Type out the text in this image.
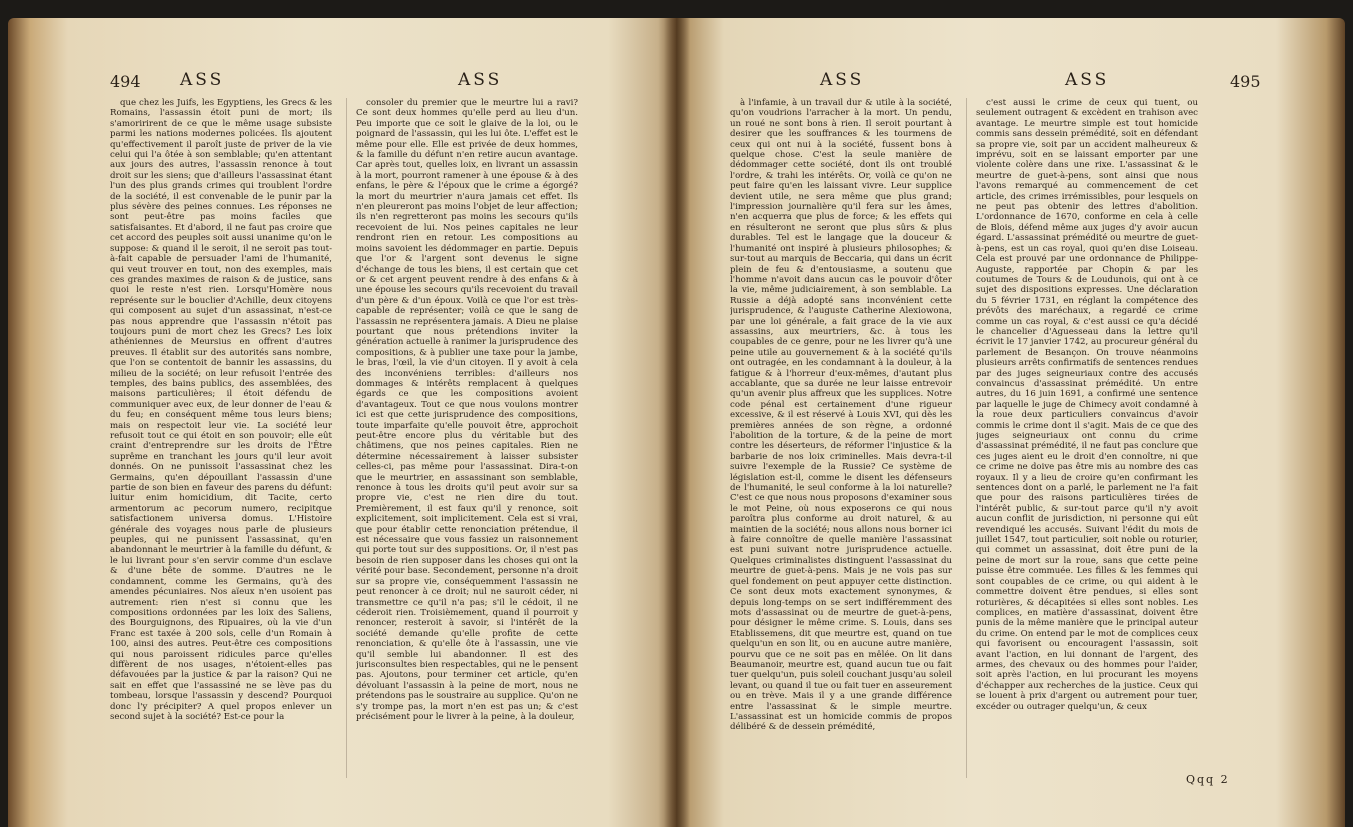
494 ASS	ASS

que chez les Juifs, les Egyptiens, les Grecs & les Romains, l'assassin étoit puni de mort; ils s'amoririrent de ce que le même usage subsiste parmi les nations modernes policées. Ils ajoutent qu'effectivement il paroît juste de priver de la vie celui qui l'a ôtée à son semblable; qu'en attentant aux jours des autres, l'assassin renonce à tout droit sur les siens; que d'ailleurs l'assassinat étant l'un des plus grands crimes qui troublent l'ordre de la société, il est convenable de le punir par la plus sévère des peines connues. Les réponses ne sont peut-être pas moins faciles que satisfaisantes. Et d'abord, il ne faut pas croire que cet accord des peuples soit aussi unanime qu'on le suppose: & quand il le seroit, il ne seroit pas tout-à-fait capable de persuader l'ami de l'humanité, qui veut trouver en tout, non des exemples, mais ces grandes maximes de raison & de justice, sans quoi le reste n'est rien. Lorsqu'Homère nous représente sur le bouclier d'Achille, deux citoyens qui composent au sujet d'un assassinat, n'est-ce pas nous apprendre que l'assassin n'étoit pas toujours puni de mort chez les Grecs? Les loix athéniennes de Meursius en offrent d'autres preuves. Il établit sur des autorités sans nombre, que l'on se contentoit de bannir les assassins, du milieu de la société; on leur refusoit l'entrée des temples, des bains publics, des assemblées, des maisons particulières; il étoit défendu de communiquer avec eux, de leur donner de l'eau & du feu; en conséquent même tous leurs biens; mais on respectoit leur vie. La société leur refusoit tout ce qui étoit en son pouvoir; elle eût craint d'entreprendre sur les droits de l'Être suprême en tranchant les jours qu'il leur avoit donnés. On ne punissoit l'assassinat chez les Germains, qu'en dépouillant l'assassin d'une partie de son bien en faveur des parens du défunt: luitur enim homicidium, dit Tacite, certo armentorum ac pecorum numero, recipitque satisfactionem universa domus. L'Histoire générale des voyages nous parle de plusieurs peuples, qui ne punissent l'assassinat, qu'en abandonnant le meurtrier à la famille du défunt, & le lui livrant pour s'en servir comme d'un esclave & d'une bête de somme. D'autres ne le condamnent, comme les Germains, qu'à des amendes pécuniaires. Nos aïeux n'en usoient pas autrement: rien n'est si connu que les compositions ordonnées par les loix des Saliens, des Bourguignons, des Ripuaires, où la vie d'un Franc est taxée à 200 sols, celle d'un Romain à 100, ainsi des autres. Peut-être ces compositions qui nous paroissent ridicules parce qu'elles diffèrent de nos usages, n'étoient-elles pas défavouées par la justice & par la raison? Qui ne sait en effet que l'assassiné ne se lève pas du tombeau, lorsque l'assassin y descend? Pourquoi donc l'y précipiter? A quel propos enlever un second sujet à la société? Est-ce pour la

consoler du premier que le meurtre lui a ravi? Ce sont deux hommes qu'elle perd au lieu d'un. Peu importe que ce soit le glaive de la loi, ou le poignard de l'assassin, qui les lui ôte. L'effet est le même pour elle. Elle est privée de deux hommes, & la famille du défunt n'en retire aucun avantage. Car après tout, quelles loix, en livrant un assassin à la mort, pourront ramener à une épouse & à des enfans, le père & l'époux que le crime a égorgé? la mort du meurtrier n'aura jamais cet effet. Ils n'en pleureront pas moins l'objet de leur affection; ils n'en regretteront pas moins les secours qu'ils recevoient de lui. Nos peines capitales ne leur rendront rien en retour. Les compositions au moins savoient les dédommager en partie. Depuis que l'or & l'argent sont devenus le signe d'échange de tous les biens, il est certain que cet or & cet argent peuvent rendre à des enfans & à une épouse les secours qu'ils recevoient du travail d'un père & d'un époux. Voilà ce que l'or est très-capable de représenter; voilà ce que le sang de l'assassin ne représentera jamais. A Dieu ne plaise pourtant que nous prétendions inviter la génération actuelle à ranimer la jurisprudence des compositions, & à publier une taxe pour la jambe, le bras, l'œil, la vie d'un citoyen. Il y avoit à cela des inconvéniens terribles: d'ailleurs nos dommages & intérêts remplacent à quelques égards ce que les compositions avoient d'avantageux. Tout ce que nous voulons montrer ici est que cette jurisprudence des compositions, toute imparfaite qu'elle pouvoit être, approchoit peut-être encore plus du véritable but des châtimens, que nos peines capitales. Rien ne détermine nécessairement à laisser subsister celles-ci, pas même pour l'assassinat. Dira-t-on que le meurtrier, en assassinant son semblable, renonce à tous les droits qu'il peut avoir sur sa propre vie, c'est ne rien dire du tout. Premièrement, il est faux qu'il y renonce, soit explicitement, soit implicitement. Cela est si vrai, que pour établir cette renonciation prétendue, il est nécessaire que vous fassiez un raisonnement qui porte tout sur des suppositions. Or, il n'est pas besoin de rien supposer dans les choses qui ont la vérité pour base. Secondement, personne n'a droit sur sa propre vie, conséquemment l'assassin ne peut renoncer à ce droit; nul ne sauroit céder, ni transmettre ce qu'il n'a pas; s'il le cédoit, il ne céderoit rien. Troisièmement, quand il pourroit y renoncer, resteroit à savoir, si l'intérêt de la société demande qu'elle profite de cette renonciation, & qu'elle ôte à l'assassin, une vie qu'il semble lui abandonner. Il est des jurisconsultes bien respectables, qui ne le pensent pas. Ajoutons, pour terminer cet article, qu'en dévoluant l'assassin à la peine de mort, nous ne prétendons pas le soustraire au supplice. Qu'on ne s'y trompe pas, la mort n'en est pas un; & c'est précisément pour le livrer à la peine, à la douleur,

ASS	ASS	495

à l'infamie, à un travail dur & utile à la société, qu'on voudrions l'arracher à la mort. Un pendu, un roué ne sont bons à rien. Il seroit pourtant à desirer que les souffrances & les tourmens de ceux qui ont nui à la société, fussent bons à quelque chose. C'est la seule manière de dédommager cette société, dont ils ont troublé l'ordre, & trahi les intérêts. Or, voilà ce qu'on ne peut faire qu'en les laissant vivre. Leur supplice devient utile, ne sera même que plus grand; l'impression journalière qu'il fera sur les âmes, n'en acquerra que plus de force; & les effets qui en résulteront ne seront que plus sûrs & plus durables. Tel est le langage que la douceur & l'humanité ont inspiré à plusieurs philosophes; & sur-tout au marquis de Beccaria, qui dans un écrit plein de feu & d'entousiasme, a soutenu que l'homme n'avoit dans aucun cas le pouvoir d'ôter la vie, même judiciairement, à son semblable. La Russie a déjà adopté sans inconvénient cette jurisprudence, & l'auguste Catherine Alexiowona, par une loi générale, a fait grace de la vie aux assassins, aux meurtriers, &c. à tous les coupables de ce genre, pour ne les livrer qu'à une peine utile au gouvernement & à la société qu'ils ont outragée, en les condamnant à la douleur, à la fatigue & à l'horreur d'eux-mêmes, d'autant plus accablante, que sa durée ne leur laisse entrevoir qu'un avenir plus affreux que les supplices. Notre code pénal est certainement d'une rigueur excessive, & il est réservé à Louis XVI, qui dès les premières années de son règne, a ordonné l'abolition de la torture, & de la peine de mort contre les déserteurs, de réformer l'injustice & la barbarie de nos loix criminelles. Mais devra-t-il suivre l'exemple de la Russie? Ce système de législation est-il, comme le disent les défenseurs de l'humanité, le seul conforme à la loi naturelle? C'est ce que nous nous proposons d'examiner sous le mot Peine, où nous exposerons ce qui nous paroîtra plus conforme au droit naturel, & au maintien de la société; nous allons nous borner ici à faire connoître de quelle manière l'assassinat est puni suivant notre jurisprudence actuelle. Quelques criminalistes distinguent l'assassinat du meurtre de guet-à-pens. Mais je ne vois pas sur quel fondement on peut appuyer cette distinction. Ce sont deux mots exactement synonymes, & depuis long-temps on se sert indifféremment des mots d'assassinat ou de meurtre de guet-à-pens, pour désigner le même crime. S. Louis, dans ses Etablissemens, dit que meurtre est, quand on tue quelqu'un en son lit, ou en aucune autre manière, pourvu que ce ne soit pas en mêlée. On lit dans Beaumanoir, meurtre est, quand aucun tue ou fait tuer quelqu'un, puis soleil couchant jusqu'au soleil levant, ou quand il tue ou fait tuer en asseurement ou en trève. Mais il y a une grande différence entre l'assassinat & le simple meurtre. L'assassinat est un homicide commis de propos délibéré & de dessein prémédité,

c'est aussi le crime de ceux qui tuent, ou seulement outragent & excèdent en trahison avec avantage. Le meurtre simple est tout homicide commis sans dessein prémédité, soit en défendant sa propre vie, soit par un accident malheureux & imprévu, soit en se laissant emporter par une violente colère dans une rixe. L'assassinat & le meurtre de guet-à-pens, sont ainsi que nous l'avons remarqué au commencement de cet article, des crimes irrémissibles, pour lesquels on ne peut pas obtenir des lettres d'abolition. L'ordonnance de 1670, conforme en cela à celle de Blois, défend même aux juges d'y avoir aucun égard. L'assassinat prémédité ou meurtre de guet-à-pens, est un cas royal, quoi qu'en dise Loiseau. Cela est prouvé par une ordonnance de Philippe-Auguste, rapportée par Chopin & par les coutumes de Tours & de Loudunois, qui ont à ce sujet des dispositions expresses. Une déclaration du 5 février 1731, en réglant la compétence des prévôts des maréchaux, a regardé ce crime comme un cas royal, & c'est aussi ce qu'a décidé le chancelier d'Aguesseau dans la lettre qu'il écrivit le 17 janvier 1742, au procureur général du parlement de Besançon. On trouve néanmoins plusieurs arrêts confirmatifs de sentences rendues par des juges seigneuriaux contre des accusés convaincus d'assassinat prémédité. Un entre autres, du 16 juin 1691, a confirmé une sentence par laquelle le juge de Chimecy avoit condamné à la roue deux particuliers convaincus d'avoir commis le crime dont il s'agit. Mais de ce que des juges seigneuriaux ont connu du crime d'assassinat prémédité, il ne faut pas conclure que ces juges aient eu le droit d'en connoître, ni que ce crime ne doive pas être mis au nombre des cas royaux. Il y a lieu de croire qu'en confirmant les sentences dont on a parlé, le parlement ne l'a fait que pour des raisons particulières tirées de l'intérêt public, & sur-tout parce qu'il n'y avoit aucun conflit de jurisdiction, ni personne qui eût revendiqué les accusés. Suivant l'édit du mois de juillet 1547, tout particulier, soit noble ou roturier, qui commet un assassinat, doit être puni de la peine de mort sur la roue, sans que cette peine puisse être commuée. Les filles & les femmes qui sont coupables de ce crime, ou qui aident à le commettre doivent être pendues, si elles sont roturières, & décapitées si elles sont nobles. Les complices, en matière d'assassinat, doivent être punis de la même manière que le principal auteur du crime. On entend par le mot de complices ceux qui favorisent ou encouragent l'assassin, soit avant l'action, en lui donnant de l'argent, des armes, des chevaux ou des hommes pour l'aider, soit après l'action, en lui procurant les moyens d'échapper aux recherches de la justice. Ceux qui se louent à prix d'argent ou autrement pour tuer, excéder ou outrager quelqu'un, & ceux

Qqq 2
